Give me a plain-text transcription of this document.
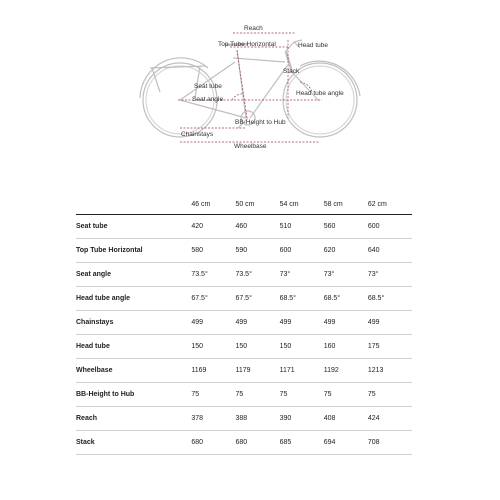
Reach
Top Tube Horizontal	Head tube
Stack
Seat tube
Seat angle
Head tube angle
BB-Height to Hub
Chainstays
Wheelbase
	46 cm	50 cm	54 cm	58 cm	62 cm
Seat tube	420	460	510	560	600
Top Tube Horizontal	580	590	600	620	640
Seat angle	73.5°	73.5°	73°	73°	73°
Head tube angle	67.5°	67.5°	68.5°	68.5°	68.5°
Chainstays	499	499	499	499	499
Head tube	150	150	150	160	175
Wheelbase	1169	1179	1171	1192	1213
BB-Height to Hub	75	75	75	75	75
Reach	378	388	390	408	424
Stack	680	680	685	694	708
